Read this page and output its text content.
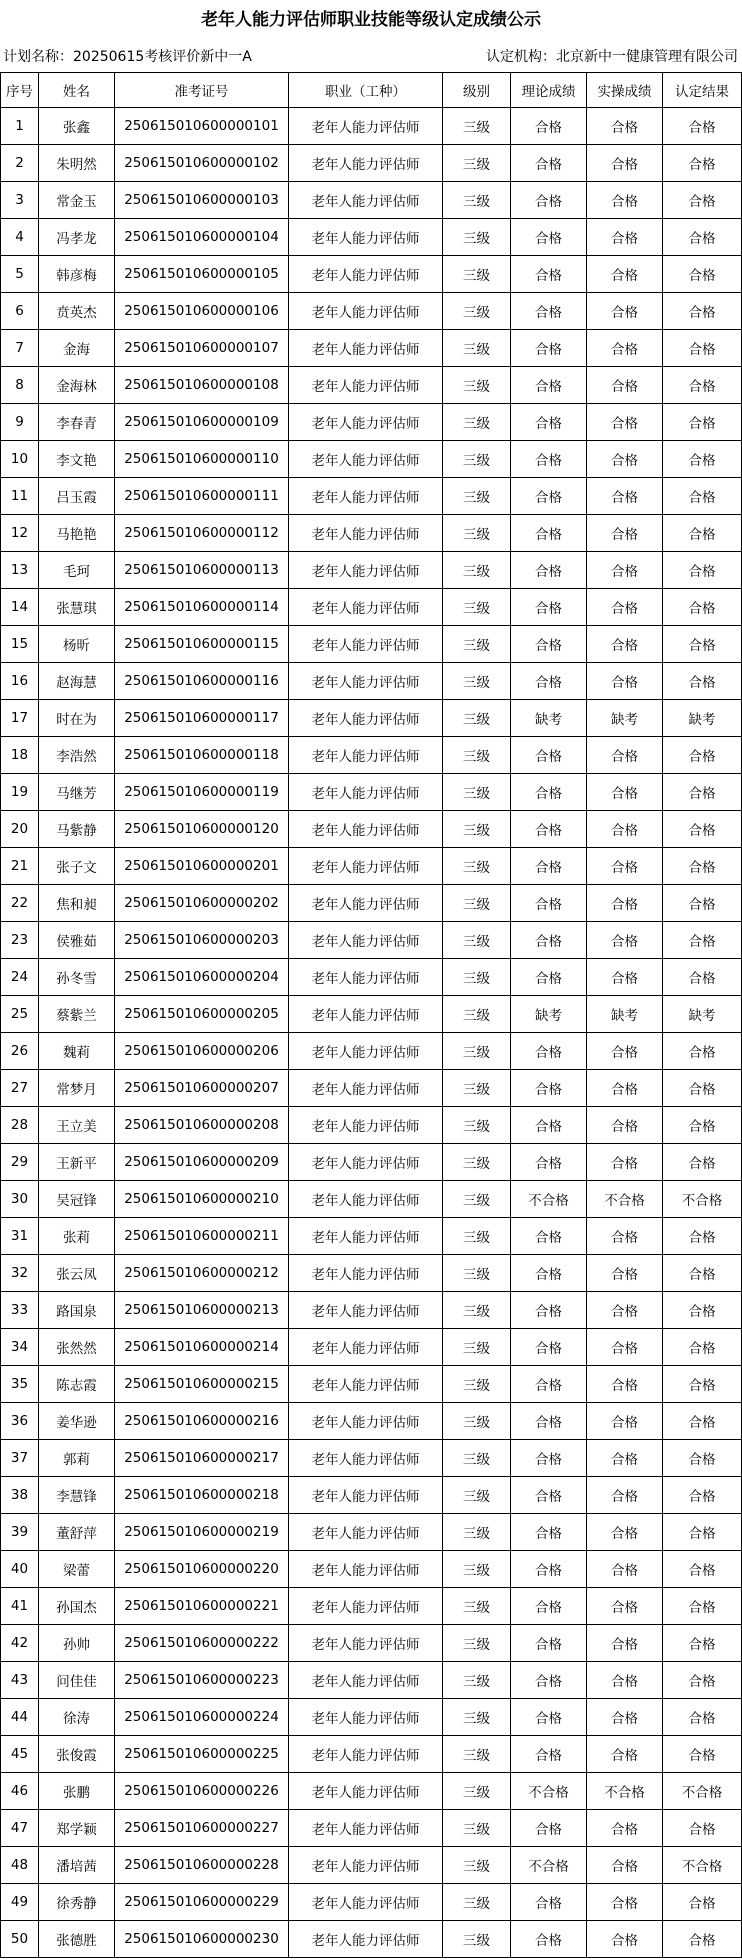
老年人能力评估师职业技能等级认定成绩公示
计划名称：20250615考核评价新中一A	认定机构：北京新中一健康管理有限公司
序号	姓名	准考证号	职业（工种）	级别	理论成绩	实操成绩	认定结果
1	张鑫	250615010600000101	老年人能力评估师	三级	合格	合格	合格
2	朱明然	250615010600000102	老年人能力评估师	三级	合格	合格	合格
3	常金玉	250615010600000103	老年人能力评估师	三级	合格	合格	合格
4	冯孝龙	250615010600000104	老年人能力评估师	三级	合格	合格	合格
5	韩彦梅	250615010600000105	老年人能力评估师	三级	合格	合格	合格
6	贲英杰	250615010600000106	老年人能力评估师	三级	合格	合格	合格
7	金海	250615010600000107	老年人能力评估师	三级	合格	合格	合格
8	金海林	250615010600000108	老年人能力评估师	三级	合格	合格	合格
9	李春青	250615010600000109	老年人能力评估师	三级	合格	合格	合格
10	李文艳	250615010600000110	老年人能力评估师	三级	合格	合格	合格
11	吕玉霞	250615010600000111	老年人能力评估师	三级	合格	合格	合格
12	马艳艳	250615010600000112	老年人能力评估师	三级	合格	合格	合格
13	毛珂	250615010600000113	老年人能力评估师	三级	合格	合格	合格
14	张慧琪	250615010600000114	老年人能力评估师	三级	合格	合格	合格
15	杨昕	250615010600000115	老年人能力评估师	三级	合格	合格	合格
16	赵海慧	250615010600000116	老年人能力评估师	三级	合格	合格	合格
17	时在为	250615010600000117	老年人能力评估师	三级	缺考	缺考	缺考
18	李浩然	250615010600000118	老年人能力评估师	三级	合格	合格	合格
19	马继芳	250615010600000119	老年人能力评估师	三级	合格	合格	合格
20	马紫静	250615010600000120	老年人能力评估师	三级	合格	合格	合格
21	张子文	250615010600000201	老年人能力评估师	三级	合格	合格	合格
22	焦和昶	250615010600000202	老年人能力评估师	三级	合格	合格	合格
23	侯雅茹	250615010600000203	老年人能力评估师	三级	合格	合格	合格
24	孙冬雪	250615010600000204	老年人能力评估师	三级	合格	合格	合格
25	蔡紫兰	250615010600000205	老年人能力评估师	三级	缺考	缺考	缺考
26	魏莉	250615010600000206	老年人能力评估师	三级	合格	合格	合格
27	常梦月	250615010600000207	老年人能力评估师	三级	合格	合格	合格
28	王立美	250615010600000208	老年人能力评估师	三级	合格	合格	合格
29	王新平	250615010600000209	老年人能力评估师	三级	合格	合格	合格
30	吴冠锋	250615010600000210	老年人能力评估师	三级	不合格	不合格	不合格
31	张莉	250615010600000211	老年人能力评估师	三级	合格	合格	合格
32	张云凤	250615010600000212	老年人能力评估师	三级	合格	合格	合格
33	路国泉	250615010600000213	老年人能力评估师	三级	合格	合格	合格
34	张然然	250615010600000214	老年人能力评估师	三级	合格	合格	合格
35	陈志霞	250615010600000215	老年人能力评估师	三级	合格	合格	合格
36	姜华逊	250615010600000216	老年人能力评估师	三级	合格	合格	合格
37	郭莉	250615010600000217	老年人能力评估师	三级	合格	合格	合格
38	李慧锋	250615010600000218	老年人能力评估师	三级	合格	合格	合格
39	董舒萍	250615010600000219	老年人能力评估师	三级	合格	合格	合格
40	梁蕾	250615010600000220	老年人能力评估师	三级	合格	合格	合格
41	孙国杰	250615010600000221	老年人能力评估师	三级	合格	合格	合格
42	孙帅	250615010600000222	老年人能力评估师	三级	合格	合格	合格
43	问佳佳	250615010600000223	老年人能力评估师	三级	合格	合格	合格
44	徐涛	250615010600000224	老年人能力评估师	三级	合格	合格	合格
45	张俊霞	250615010600000225	老年人能力评估师	三级	合格	合格	合格
46	张鹏	250615010600000226	老年人能力评估师	三级	不合格	不合格	不合格
47	郑学颖	250615010600000227	老年人能力评估师	三级	合格	合格	合格
48	潘培茜	250615010600000228	老年人能力评估师	三级	不合格	合格	不合格
49	徐秀静	250615010600000229	老年人能力评估师	三级	合格	合格	合格
50	张德胜	250615010600000230	老年人能力评估师	三级	合格	合格	合格
